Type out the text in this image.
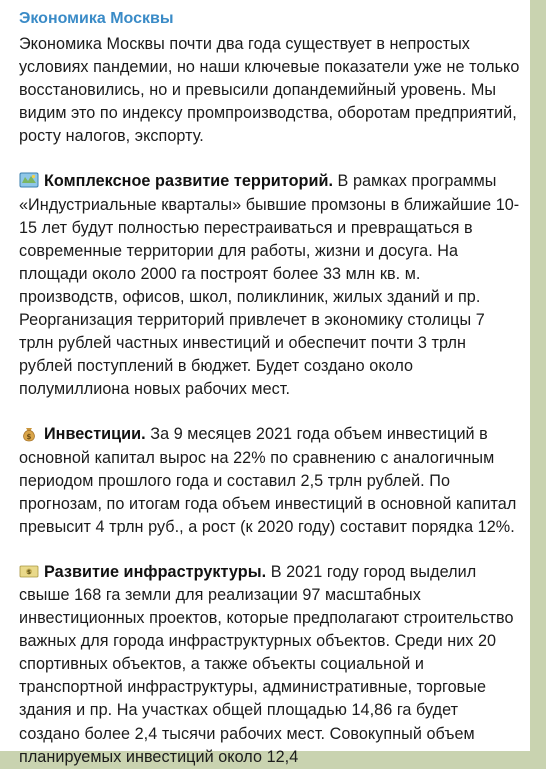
Экономика Москвы

Экономика Москвы почти два года существует в непростых условиях пандемии, но наши ключевые показатели уже не только восстановились, но и превысили допандемийный уровень. Мы видим это по индексу промпроизводства, оборотам предприятий, росту налогов, экспорту.

Комплексное развитие территорий. В рамках программы «Индустриальные кварталы» бывшие промзоны в ближайшие 10-15 лет будут полностью перестраиваться и превращаться в современные территории для работы, жизни и досуга. На площади около 2000 га построят более 33 млн кв. м. производств, офисов, школ, поликлиник, жилых зданий и пр. Реорганизация территорий привлечет в экономику столицы 7 трлн рублей частных инвестиций и обеспечит почти 3 трлн рублей поступлений в бюджет. Будет создано около полумиллиона новых рабочих мест.

$ Инвестиции. За 9 месяцев 2021 года объем инвестиций в основной капитал вырос на 22% по сравнению с аналогичным периодом прошлого года и составил 2,5 трлн рублей. По прогнозам, по итогам года объем инвестиций в основной капитал превысит 4 трлн руб., а рост (к 2020 году) составит порядка 12%.

$ Развитие инфраструктуры. В 2021 году город выделил свыше 168 га земли для реализации 97 масштабных инвестиционных проектов, которые предполагают строительство важных для города инфраструктурных объектов. Среди них 20 спортивных объектов, а также объекты социальной и транспортной инфраструктуры, административные, торговые здания и пр. На участках общей площадью 14,86 га будет создано более 2,4 тысячи рабочих мест. Совокупный объем планируемых инвестиций около 12,4
